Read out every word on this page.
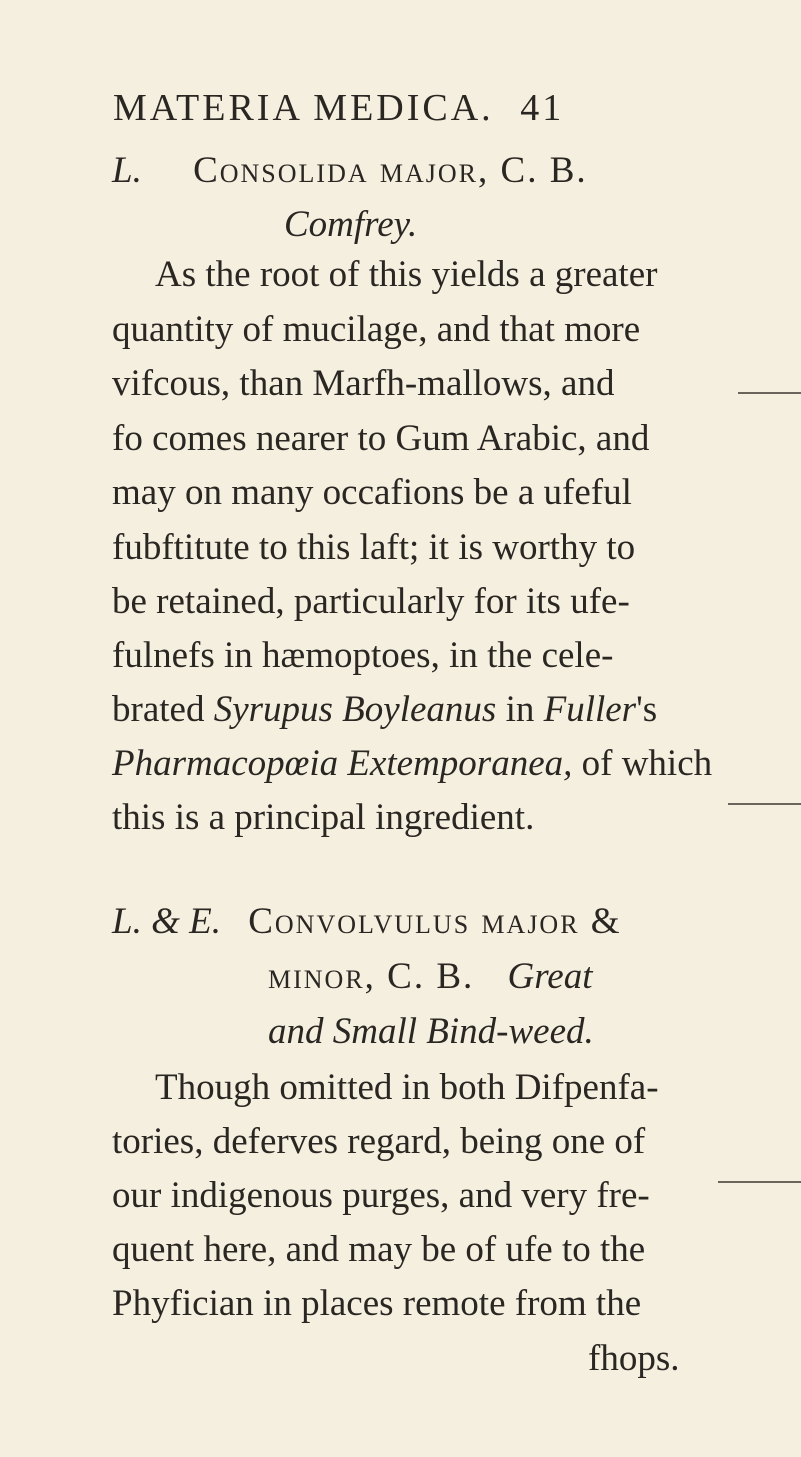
MATERIA MEDICA. 41
L. Consolida major, C. B.
Comfrey.
As the root of this yields a greater
quantity of mucilage, and that more
vifcous, than Marfh-mallows, and
fo comes nearer to Gum Arabic, and
may on many occafions be a ufeful
fubftitute to this laft; it is worthy to
be retained, particularly for its ufe-
fulnefs in hæmoptoes, in the cele-
brated Syrupus Boyleanus in Fuller's
Pharmacopœia Extemporanea, of which
this is a principal ingredient.
L. & E. Convolvulus major &
minor, C. B. Great
and Small Bind-weed.
Though omitted in both Difpenfa-
tories, deferves regard, being one of
our indigenous purges, and very fre-
quent here, and may be of ufe to the
Phyfician in places remote from the
fhops.
